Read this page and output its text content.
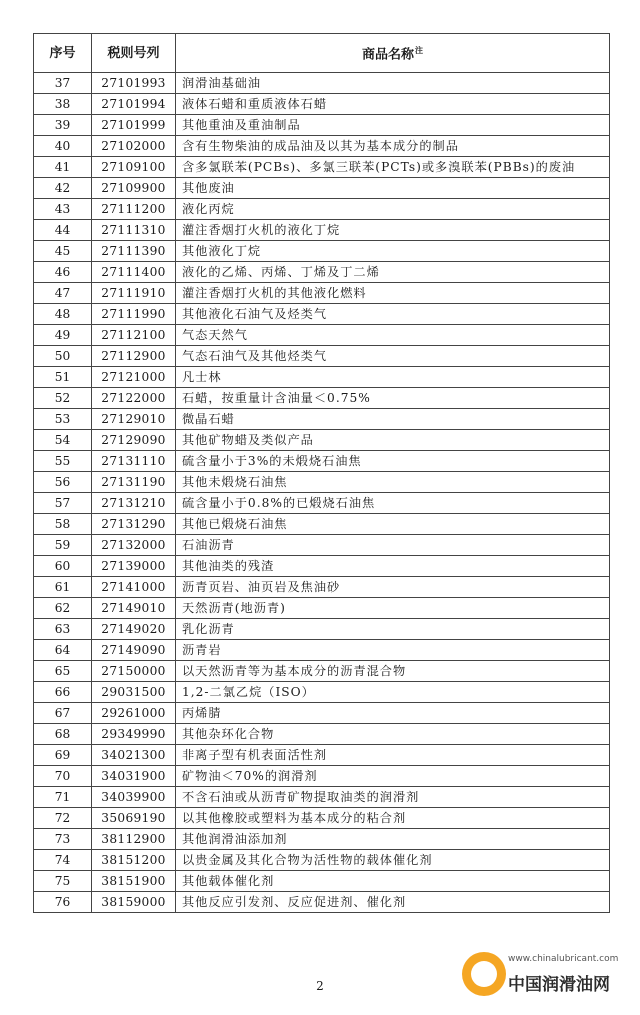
序号	税则号列	商品名称$^注$
37	27101993	润滑油基础油
38	27101994	液体石蜡和重质液体石蜡
39	27101999	其他重油及重油制品
40	27102000	含有生物柴油的成品油及以其为基本成分的制品
41	27109100	含多氯联苯(PCBs)、多氯三联苯(PCTs)或多溴联苯(PBBs)的废油
42	27109900	其他废油
43	27111200	液化丙烷
44	27111310	灌注香烟打火机的液化丁烷
45	27111390	其他液化丁烷
46	27111400	液化的乙烯、丙烯、丁烯及丁二烯
47	27111910	灌注香烟打火机的其他液化燃料
48	27111990	其他液化石油气及烃类气
49	27112100	气态天然气
50	27112900	气态石油气及其他烃类气
51	27121000	凡士林
52	27122000	石蜡，按重量计含油量＜0.75%
53	27129010	微晶石蜡
54	27129090	其他矿物蜡及类似产品
55	27131110	硫含量小于3%的未煅烧石油焦
56	27131190	其他未煅烧石油焦
57	27131210	硫含量小于0.8%的已煅烧石油焦
58	27131290	其他已煅烧石油焦
59	27132000	石油沥青
60	27139000	其他油类的残渣
61	27141000	沥青页岩、油页岩及焦油砂
62	27149010	天然沥青(地沥青)
63	27149020	乳化沥青
64	27149090	沥青岩
65	27150000	以天然沥青等为基本成分的沥青混合物
66	29031500	1,2-二氯乙烷（ISO）
67	29261000	丙烯腈
68	29349990	其他杂环化合物
69	34021300	非离子型有机表面活性剂
70	34031900	矿物油＜70%的润滑剂
71	34039900	不含石油或从沥青矿物提取油类的润滑剂
72	35069190	以其他橡胶或塑料为基本成分的粘合剂
73	38112900	其他润滑油添加剂
74	38151200	以贵金属及其化合物为活性物的载体催化剂
75	38151900	其他载体催化剂
76	38159000	其他反应引发剂、反应促进剂、催化剂
2
www.chinalubricant.com
中国润滑油网
